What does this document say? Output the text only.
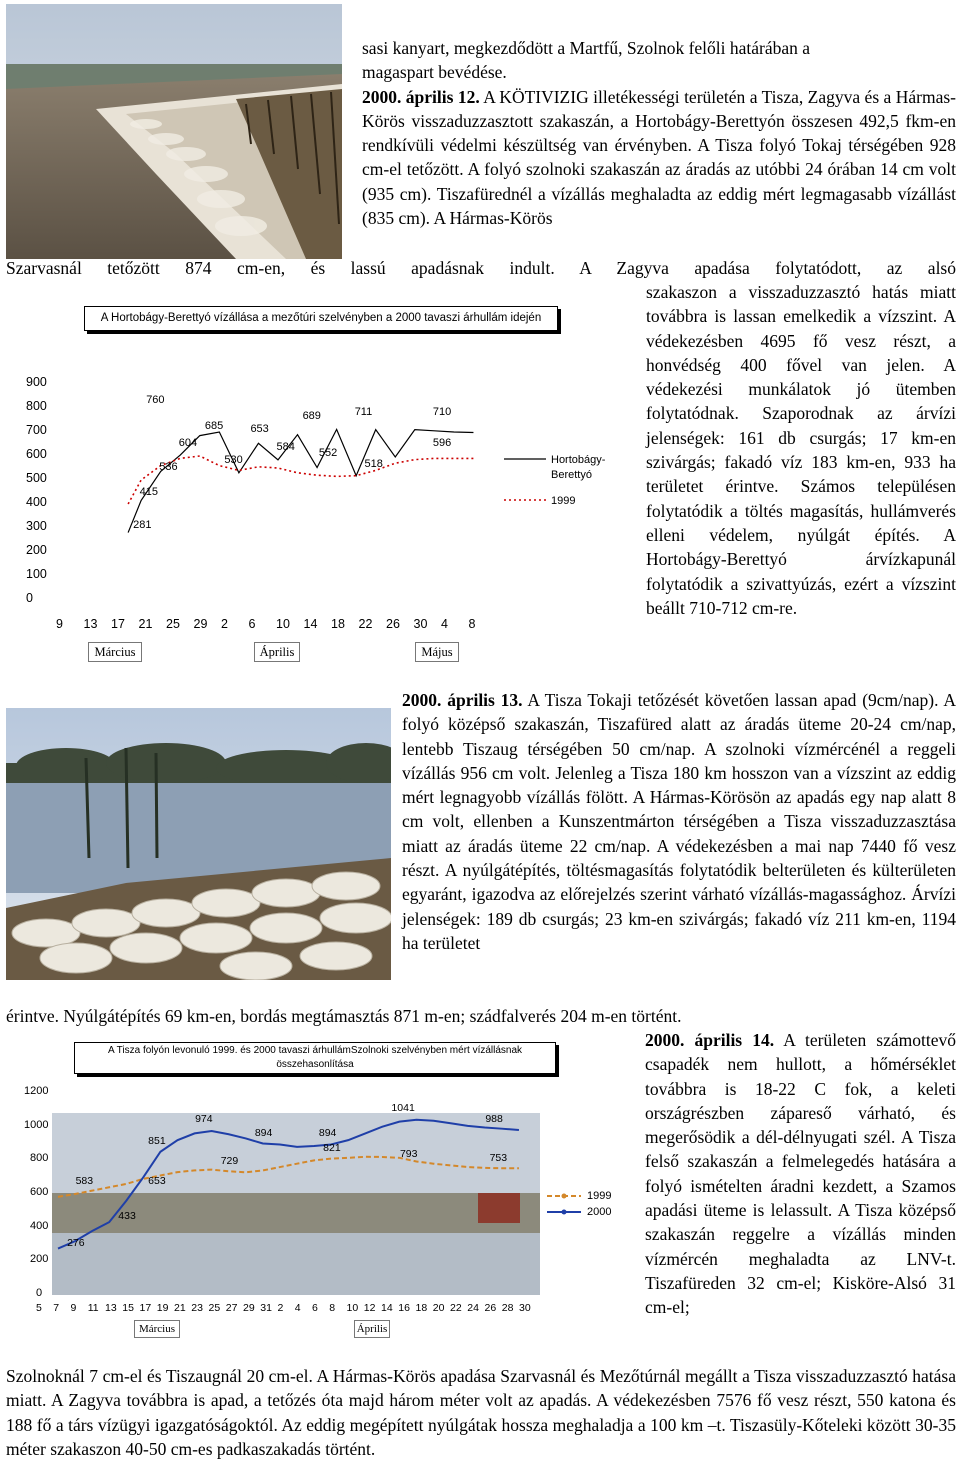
sasi kanyart, megkezdődött a Martfű, Szolnok felőli határában a
magaspart bevédése.
2000. április 12. A KÖTIVIZIG illetékességi területén a Tisza, Zagyva és a Hármas-Körös visszaduzzasztott szakaszán, a Hortobágy-Berettyón összesen 492,5 fkm-en rendkívüli védelmi készültség van érvényben. A Tisza folyó Tokaj térségében 928 cm-el tetőzött. A folyó szolnoki szakaszán az áradás az utóbbi 24 órában 14 cm volt (935 cm). Tiszafürednél a vízállás meghaladta az eddig mért legmagasabb vízállást (835 cm). A Hármas-Körös
Szarvasnál tetőzött 874 cm-en, és lassú apadásnak indult. A Zagyva apadása folytatódott, az alsó
A Hortobágy-Berettyó vízállása a mezőtúri szelvényben a 2000 tavaszi árhullám idején
900
800
700
600
500
400
300
200
100
0
9 13 17 21 25 29 2 6 10 14 18 22 26 30 4 8
Március	Április	Május
281
415
536
604
685
530
653
584
689
552
711
518
710
596
760
Hortobágy-Berettyó
1999
szakaszon a visszaduzzasztó hatás miatt továbbra is lassan emelkedik a vízszint. A védekezésben 4695 fő vesz részt, a honvédség 400 fővel van jelen. A védekezési munkálatok jó ütemben folytatódnak. Szaporodnak az árvízi jelenségek: 161 db csurgás; 17 km-en szivárgás; fakadó víz 183 km-en, 933 ha területet érintve. Számos településen folytatódik a töltés magasítás, hullámverés elleni védelem, nyúlgát építés. A Hortobágy-Berettyó árvízkapunál folytatódik a szivattyúzás, ezért a vízszint beállt 710-712 cm-re.
2000. április 13. A Tisza Tokaji tetőzését követően lassan apad (9cm/nap). A folyó középső szakaszán, Tiszafüred alatt az áradás üteme 20-24 cm/nap, lentebb Tiszaug térségében 50 cm/nap. A szolnoki vízmércénél a reggeli vízállás 956 cm volt. Jelenleg a Tisza 180 km hosszon van a vízszint az eddig mért legnagyobb vízállás fölött. A Hármas-Körösön az apadás egy nap alatt 8 cm volt, ellenben a Kunszentmárton térségében a Tisza visszaduzzasztása miatt az áradás üteme 22 cm/nap. A védekezésben a mai nap 7440 fő vesz részt. A nyúlgátépítés, töltésmagasítás folytatódik belterületen és külterületen egyaránt, igazodva az előrejelzés szerint várható vízállás-magassághoz. Árvízi jelenségek: 189 db csurgás; 23 km-en szivárgás; fakadó víz 211 km-en, 1194 ha területet
érintve. Nyúlgátépítés 69 km-en, bordás megtámasztás 871 m-en; szádfalverés 204 m-en történt.
A Tisza folyón levonuló 1999. és 2000 tavaszi árhullámSzolnoki szelvényben mért vízállásnak összehasonlítása
1200
1000
800
600
400
200
0
5 7 9 11 13 15 17 19 21 23 25 27 29 31 2 4 6 8 10 12 14 16 18 20 22 24 26 28 30
Március	Április
276
433
583	653
851
974
729
894	894
821
1041
793
988
753
1999
2000
2000. április 14. A területen számottevő csapadék nem hullott, a hőmérséklet továbbra is 18-22 C fok, a keleti országrészben zápareső várható, és megerősödik a dél-délnyugati szél. A Tisza felső szakaszán a felmelegedés hatására a folyó ismételten áradni kezdett, a Szamos apadási üteme is lelassult. A Tisza középső szakaszán reggelre a vízállás minden vízmércén meghaladta az LNV-t. Tiszafüreden 32 cm-el; Kisköre-Alsó 31 cm-el;
Szolnoknál 7 cm-el és Tiszaugnál 20 cm-el. A Hármas-Körös apadása Szarvasnál és Mezőtúrnál megállt a Tisza visszaduzzasztó hatása miatt. A Zagyva továbbra is apad, a tetőzés óta majd három méter volt az apadás. A védekezésben 7576 fő vesz részt, 550 katona és 188 fő a társ vízügyi igazgatóságoktól. Az eddig megépített nyúlgátak hossza meghaladja a 100 km –t. Tiszasüly-Kőteleki között 30-35 méter szakaszon 40-50 cm-es padkaszakadás történt.
